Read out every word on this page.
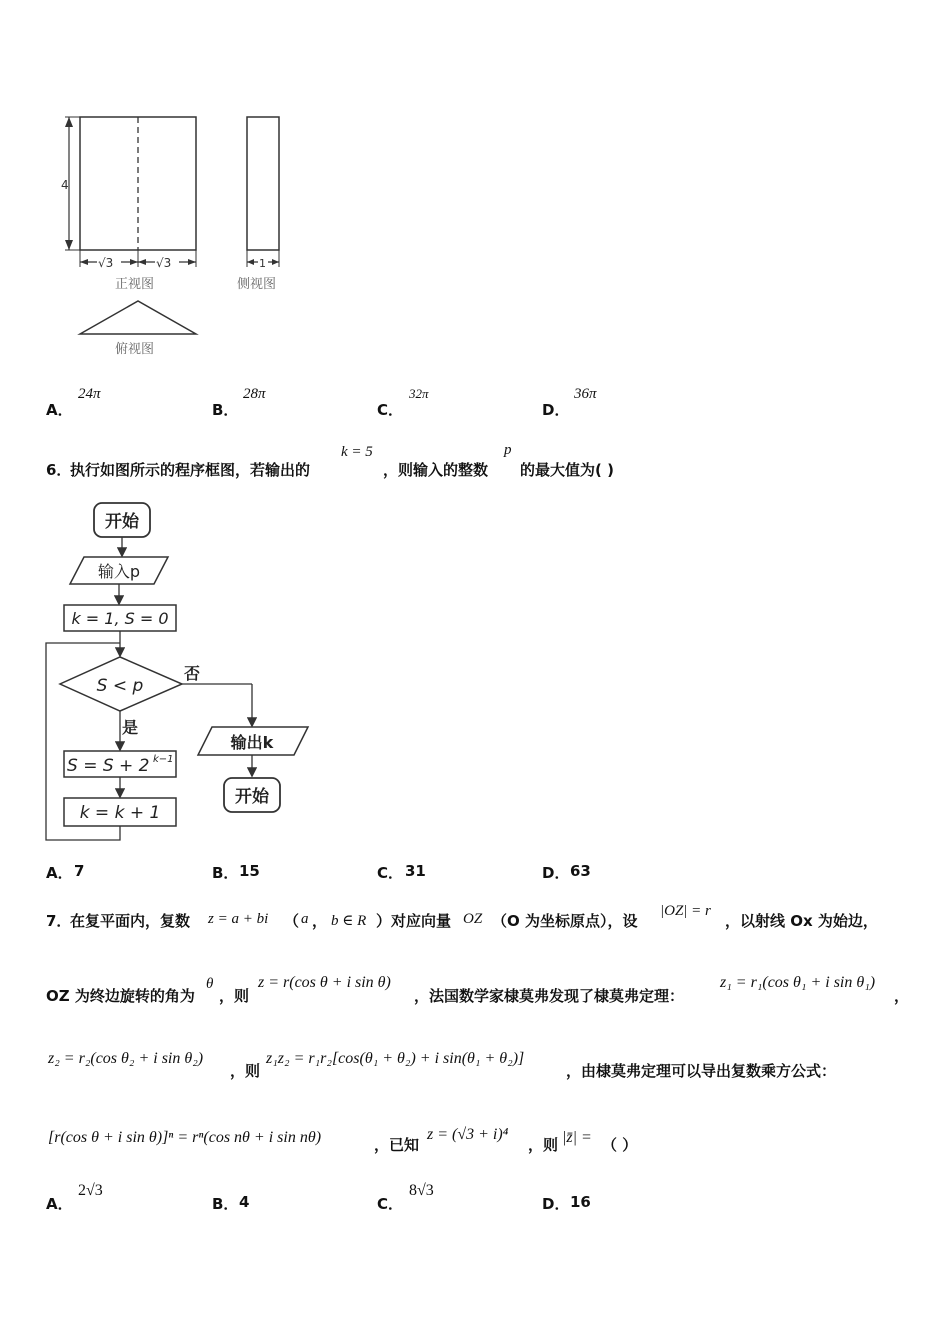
4
√3	√3
正视图
1
侧视图
俯视图
A．
24π
B．
28π
C．
32π
D．
36π
6．
执行如图所示的程序框图，若输出的
k = 5
，则输入的整数
p
的最大值为( )
开始
输入p
k = 1, S = 0
S < p
否
是
S = S + 2 k−1
k = k + 1
输出k
开始
A． 7	B． 15	C． 31	D． 63
7．
在复平面内，复数 z = a + bi （ a ， b ∈ R ）对应向量 OZ （O 为坐标原点），设
|OZ| = r
，以射线 Ox 为始边，
OZ 为终边旋转的角为
θ
，则
z = r(cos θ + i sin θ)
，法国数学家棣莫弗发现了棣莫弗定理：
z₁ = r₁(cos θ₁ + i sin θ₁)
，
z₂ = r₂(cos θ₂ + i sin θ₂)
，则
z₁z₂ = r₁r₂[cos(θ₁ + θ₂) + i sin(θ₁ + θ₂)]
，由棣莫弗定理可以导出复数乘方公式：
[r(cos θ + i sin θ)]ⁿ = rⁿ(cos nθ + i sin nθ)	，已知
z = (√3 + i)⁴
，则 |z̄| = （ ）
A．
2√3
B． 4	C．
8√3
D． 16
